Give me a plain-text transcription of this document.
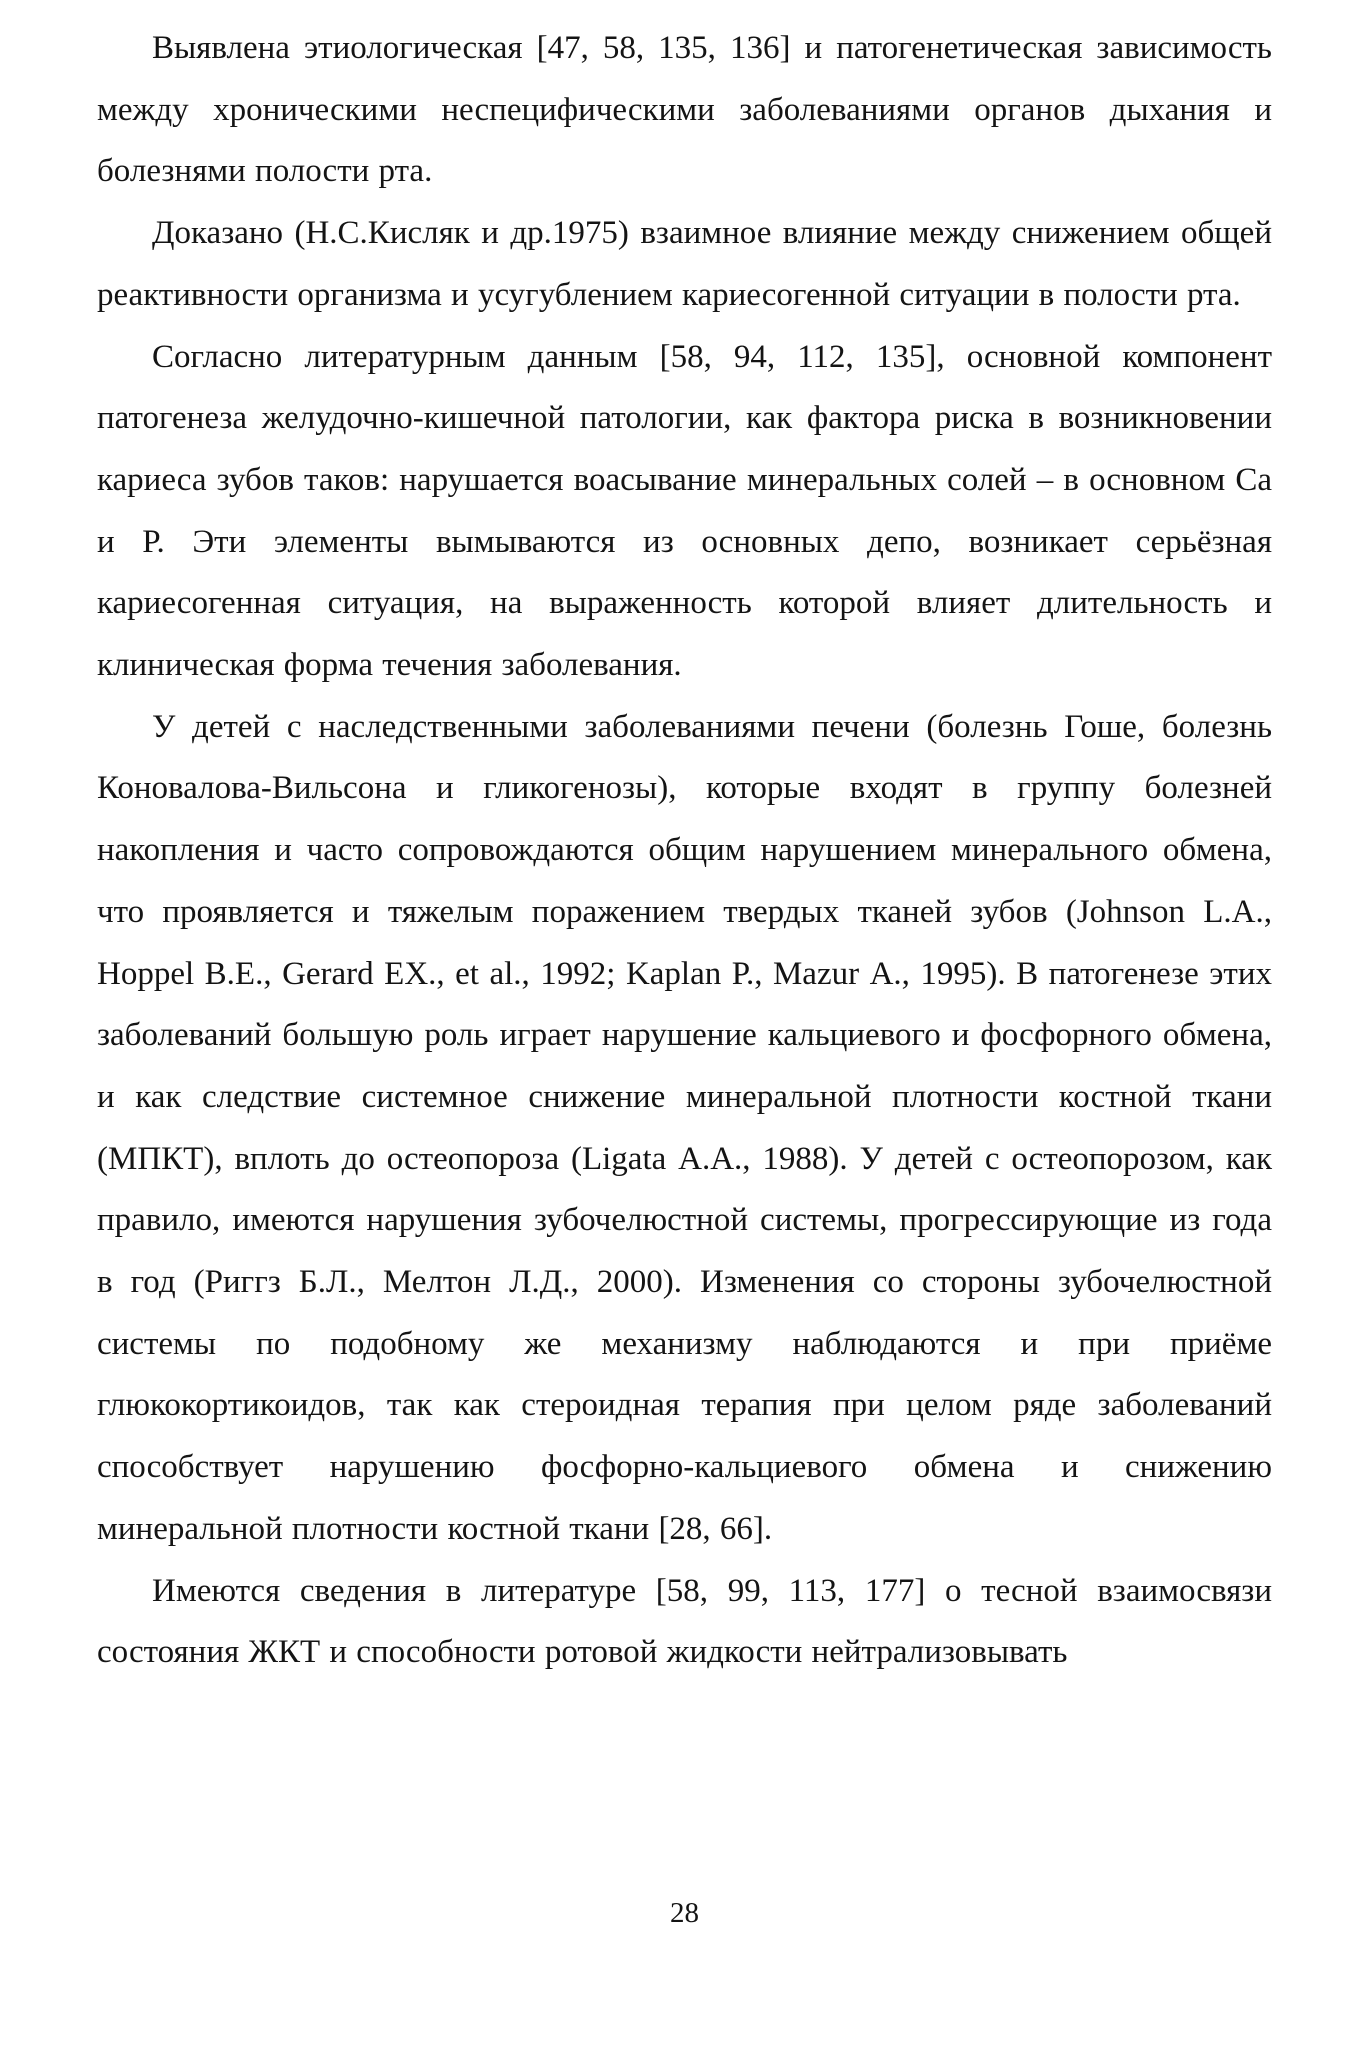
Выявлена этиологическая [47, 58, 135, 136] и патогенетическая зависимость между хроническими неспецифическими заболеваниями органов дыхания и болезнями полости рта.

Доказано (Н.С.Кисляк и др.1975) взаимное влияние между снижением общей реактивности организма и усугублением кариесогенной ситуации в полости рта.

Согласно литературным данным [58, 94, 112, 135], основной компонент патогенеза желудочно-кишечной патологии, как фактора риска в возникновении кариеса зубов таков: нарушается воасывание минеральных солей – в основном Са и Р. Эти элементы вымываются из основных депо, возникает серьёзная кариесогенная ситуация, на выраженность которой влияет длительность и клиническая форма течения заболевания.

У детей с наследственными заболеваниями печени (болезнь Гоше, болезнь Коновалова-Вильсона и гликогенозы), которые входят в группу болезней накопления и часто сопровождаются общим нарушением минерального обмена, что проявляется и тяжелым поражением твердых тканей зубов (Johnson L.A., Hoppel В.Е., Gerard ЕХ., et al., 1992; Kaplan Р., Mazur А., 1995). В патогенезе этих заболеваний большую роль играет нарушение кальциевого и фосфорного обмена, и как следствие системное снижение минеральной плотности костной ткани (МПКТ), вплоть до остеопороза (Ligata А.А., 1988). У детей с остеопорозом, как правило, имеются нарушения зубочелюстной системы, прогрессирующие из года в год (Риггз Б.Л., Мелтон Л.Д., 2000). Изменения со стороны зубочелюстной системы по подобному же механизму наблюдаются и при приёме глюкокортикоидов, так как стероидная терапия при целом ряде заболеваний способствует нарушению фосфорно-кальциевого обмена и снижению минеральной плотности костной ткани [28, 66].

Имеются сведения в литературе [58, 99, 113, 177] о тесной взаимосвязи состояния ЖКТ и способности ротовой жидкости нейтрализовывать

28
